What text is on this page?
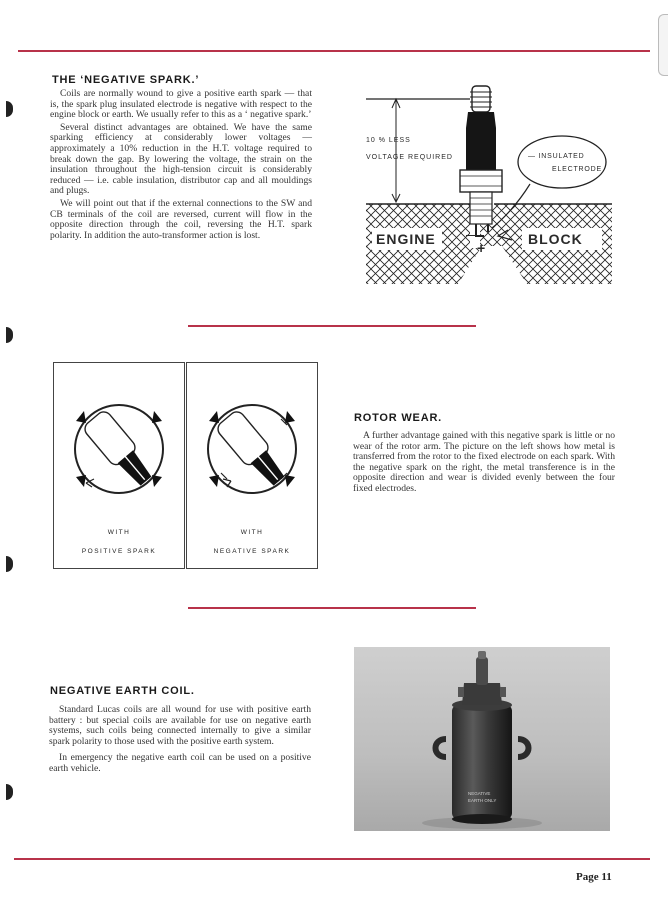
THE ‘NEGATIVE SPARK.’

Coils are normally wound to give a positive earth spark — that is, the spark plug insulated electrode is negative with respect to the engine block or earth. We usually refer to this as a ‘ negative spark.’

Several distinct advantages are obtained. We have the same sparking efficiency at considerably lower voltages — approximately a 10% reduction in the H.T. voltage required to break down the gap. By lowering the voltage, the strain on the insulation throughout the high-tension circuit is considerably reduced — i.e. cable insulation, distributor cap and all mouldings and plugs.

We will point out that if the external connections to the SW and CB terminals of the coil are reversed, current will flow in the opposite direction through the coil, reversing the H.T. spark polarity. In addition the auto-transformer action is lost.

10 % LESS
VOLTAGE REQUIRED	— INSULATED
ELECTRODE
ENGINE	BLOCK
—
+
WITH
POSITIVE SPARK
WITH
NEGATIVE SPARK
ROTOR WEAR.

A further advantage gained with this negative spark is little or no wear of the rotor arm. The picture on the left shows how metal is transferred from the rotor to the fixed electrode on each spark. With the negative spark on the right, the metal transference is in the opposite direction and wear is divided evenly between the four fixed electrodes.

NEGATIVE EARTH COIL.

Standard Lucas coils are all wound for use with positive earth battery : but special coils are available for use on negative earth systems, such coils being connected internally to give a similar spark polarity to those used with the positive earth system.

In emergency the negative earth coil can be used on a positive earth vehicle.

NEGATIVE
EARTH ONLY
Page 11
